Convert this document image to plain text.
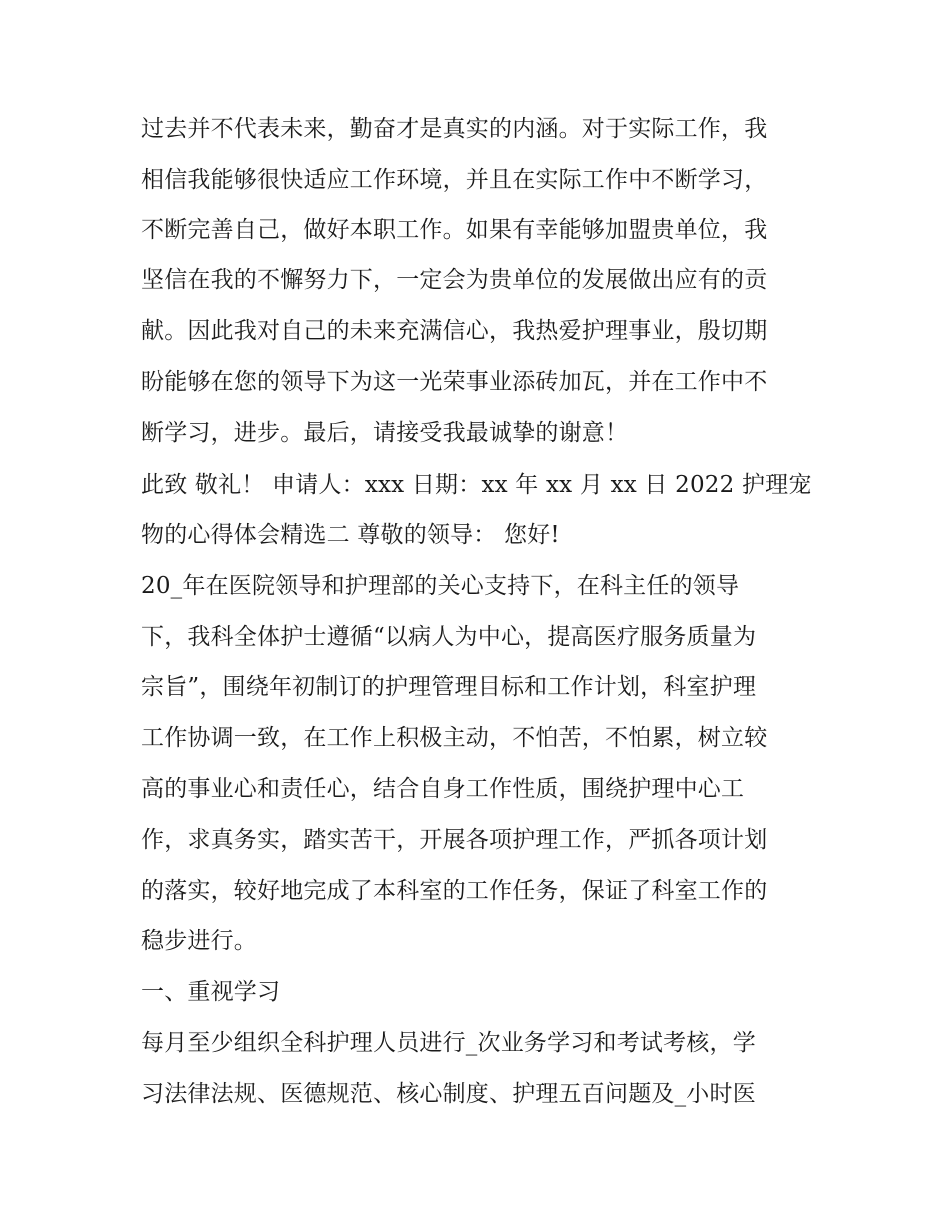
过去并不代表未来，勤奋才是真实的内涵。对于实际工作，我
相信我能够很快适应工作环境，并且在实际工作中不断学习，
不断完善自己，做好本职工作。如果有幸能够加盟贵单位，我
坚信在我的不懈努力下，一定会为贵单位的发展做出应有的贡
献。因此我对自己的未来充满信心，我热爱护理事业，殷切期
盼能够在您的领导下为这一光荣事业添砖加瓦，并在工作中不
断学习，进步。最后，请接受我最诚挚的谢意！
此致 敬礼！ 申请人：xxx 日期：xx 年 xx 月 xx 日 2022 护理宠
物的心得体会精选二 尊敬的领导： 您好!
20_年在医院领导和护理部的关心支持下，在科主任的领导
下，我科全体护士遵循“以病人为中心，提高医疗服务质量为
宗旨”，围绕年初制订的护理管理目标和工作计划，科室护理
工作协调一致，在工作上积极主动，不怕苦，不怕累，树立较
高的事业心和责任心，结合自身工作性质，围绕护理中心工
作，求真务实，踏实苦干，开展各项护理工作，严抓各项计划
的落实，较好地完成了本科室的工作任务，保证了科室工作的
稳步进行。
一、重视学习
每月至少组织全科护理人员进行_次业务学习和考试考核，学
习法律法规、医德规范、核心制度、护理五百问题及_小时医
